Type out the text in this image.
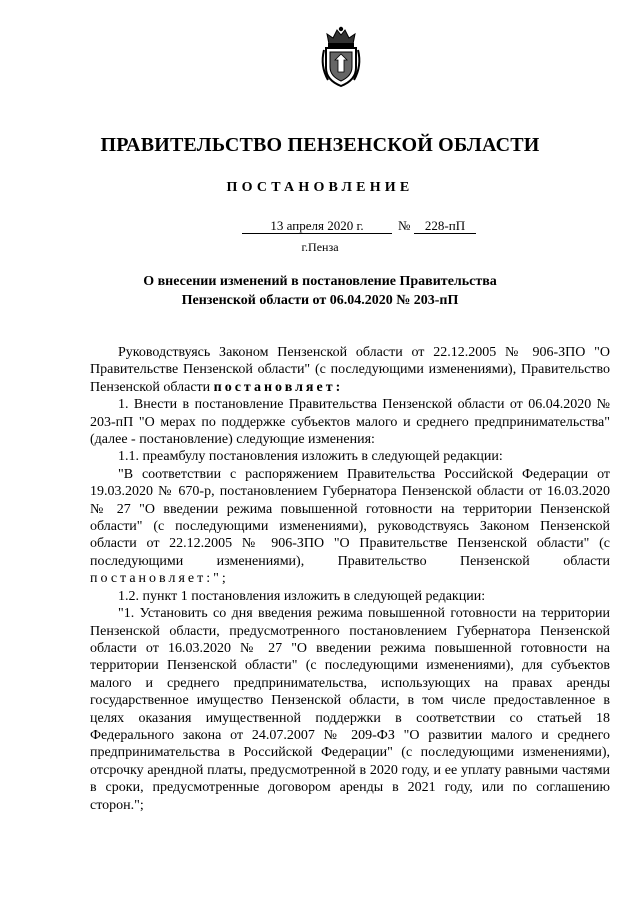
ПРАВИТЕЛЬСТВО ПЕНЗЕНСКОЙ ОБЛАСТИ
ПОСТАНОВЛЕНИЕ
13 апреля 2020 г.	№	228-пП
г.Пенза
О внесении изменений в постановление Правительства
Пензенской области от 06.04.2020 № 203-пП

Руководствуясь Законом Пензенской области от 22.12.2005 № 906-ЗПО "О Правительстве Пензенской области" (с последующими изменениями), Правительство Пензенской области постановляет:

1. Внести в постановление Правительства Пензенской области от 06.04.2020 № 203-пП "О мерах по поддержке субъектов малого и среднего предпринимательства" (далее - постановление) следующие изменения:

1.1. преамбулу постановления изложить в следующей редакции:

"В соответствии с распоряжением Правительства Российской Федерации от 19.03.2020 № 670-р, постановлением Губернатора Пензенской области от 16.03.2020 № 27 "О введении режима повышенной готовности на территории Пензенской области" (с последующими изменениями), руководствуясь Законом Пензенской области от 22.12.2005 № 906-ЗПО "О Правительстве Пензенской области" (с последующими изменениями), Правительство Пензенской области постановляет:";

1.2. пункт 1 постановления изложить в следующей редакции:

"1. Установить со дня введения режима повышенной готовности на территории Пензенской области, предусмотренного постановлением Губернатора Пензенской области от 16.03.2020 № 27 "О введении режима повышенной готовности на территории Пензенской области" (с последующими изменениями), для субъектов малого и среднего предпринимательства, использующих на правах аренды государственное имущество Пензенской области, в том числе предоставленное в целях оказания имущественной поддержки в соответствии со статьей 18 Федерального закона от 24.07.2007 № 209-ФЗ "О развитии малого и среднего предпринимательства в Российской Федерации" (с последующими изменениями), отсрочку арендной платы, предусмотренной в 2020 году, и ее уплату равными частями в сроки, предусмотренные договором аренды в 2021 году, или по соглашению сторон.";
